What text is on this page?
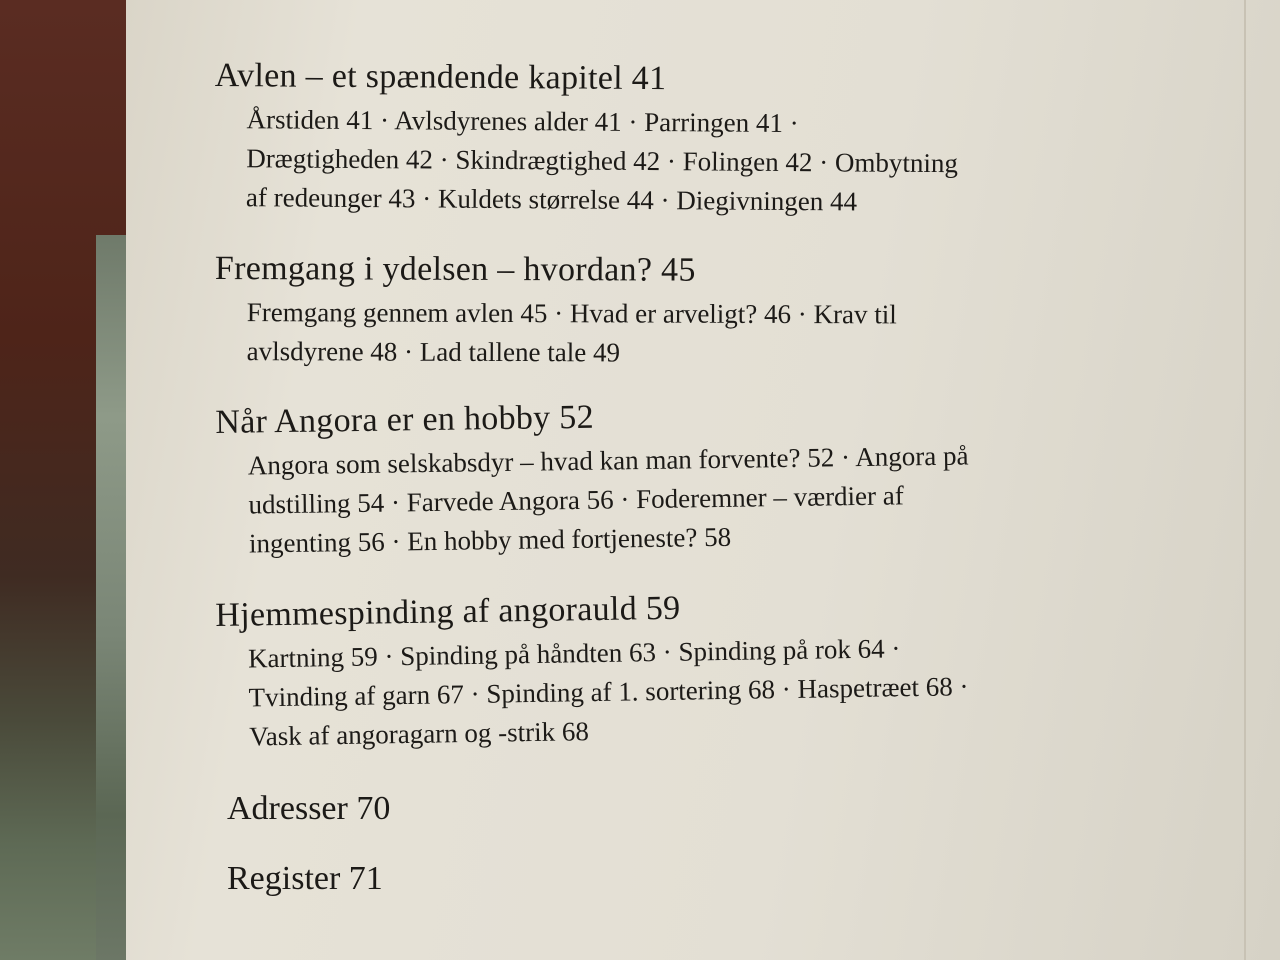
Avlen – et spændende kapitel 41
Årstiden 41 · Avlsdyrenes alder 41 · Parringen 41 ·
Drægtigheden 42 · Skindrægtighed 42 · Folingen 42 · Ombytning
af redeunger 43 · Kuldets størrelse 44 · Diegivningen 44
Fremgang i ydelsen – hvordan? 45
Fremgang gennem avlen 45 · Hvad er arveligt? 46 · Krav til
avlsdyrene 48 · Lad tallene tale 49
Når Angora er en hobby 52
Angora som selskabsdyr – hvad kan man forvente? 52 · Angora på
udstilling 54 · Farvede Angora 56 · Foderemner – værdier af
ingenting 56 · En hobby med fortjeneste? 58
Hjemmespinding af angorauld 59
Kartning 59 · Spinding på håndten 63 · Spinding på rok 64 ·
Tvinding af garn 67 · Spinding af 1. sortering 68 · Haspetræet 68 ·
Vask af angoragarn og -strik 68
Adresser 70
Register 71
